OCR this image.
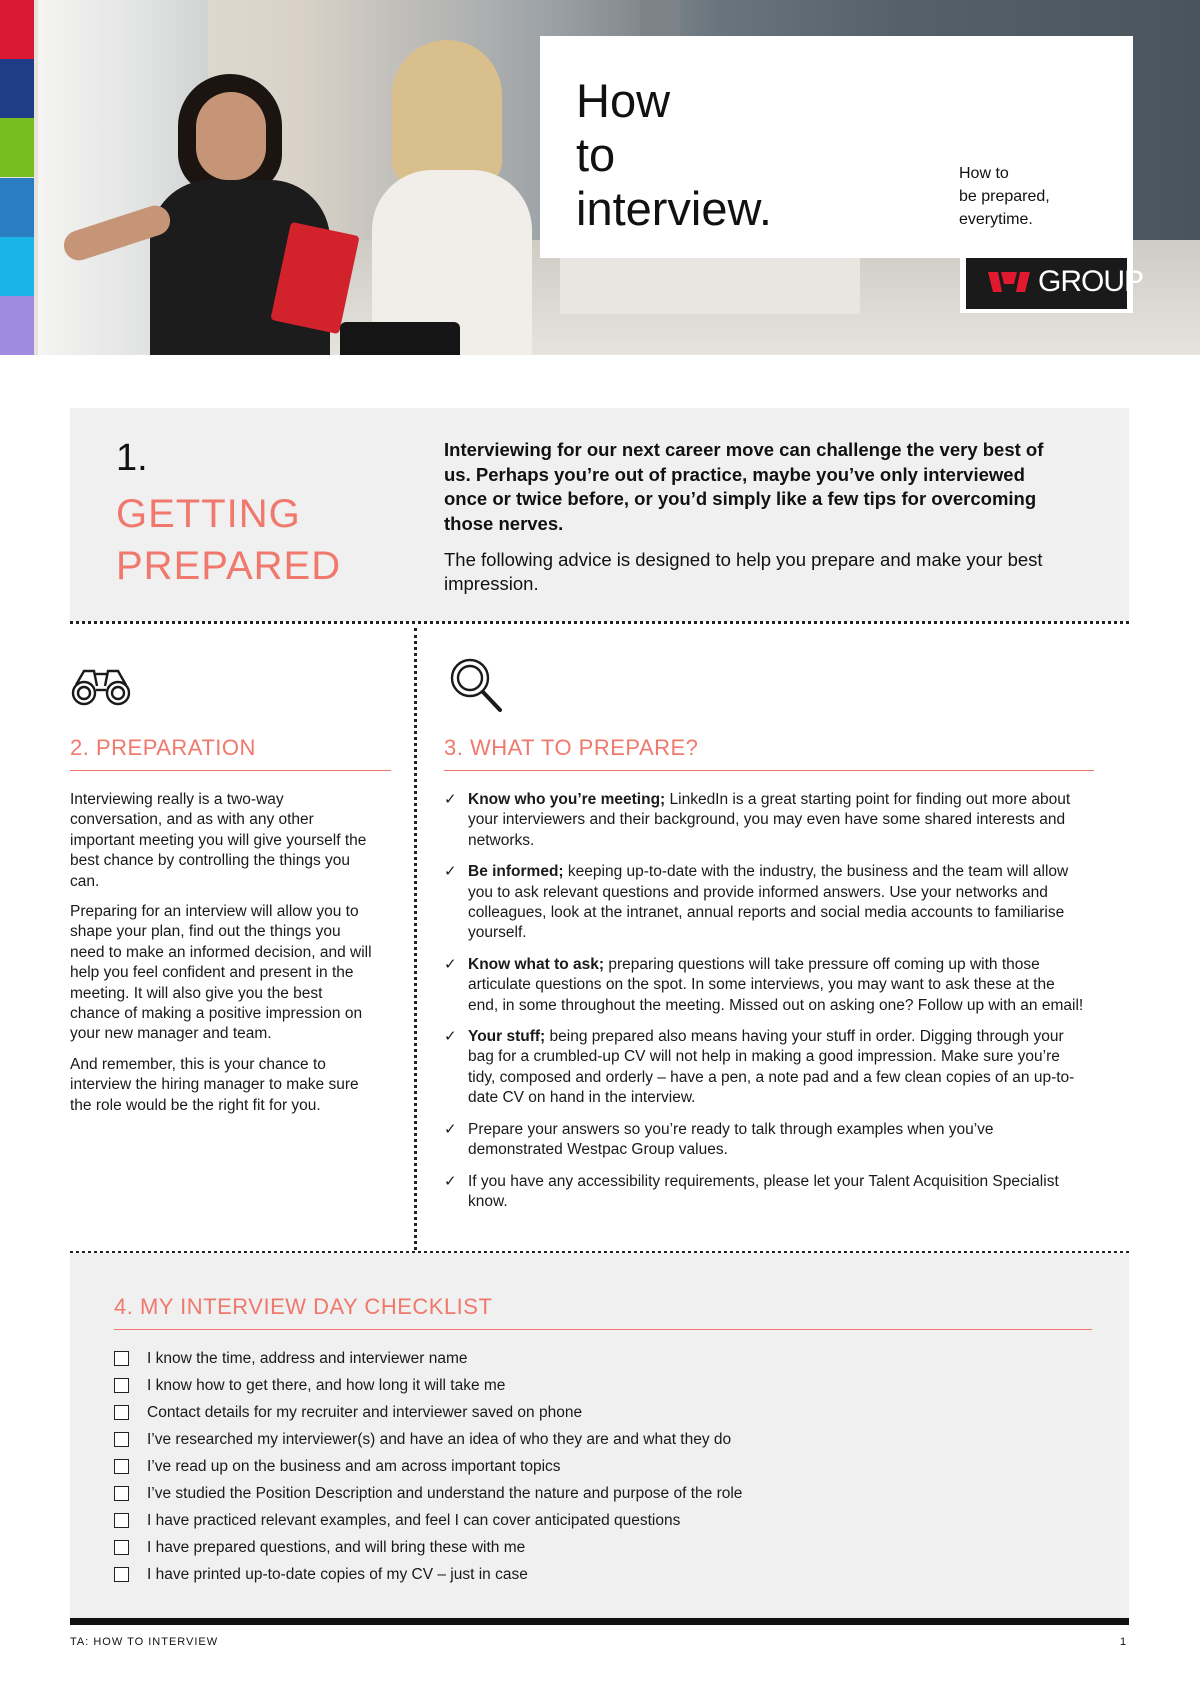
How
to
interview.
How to
be prepared,
everytime.
GROUP
1.
GETTING
PREPARED
Interviewing for our next career move can challenge the very best of us. Perhaps you’re out of practice, maybe you’ve only interviewed once or twice before, or you’d simply like a few tips for overcoming those nerves.
The following advice is designed to help you prepare and make your best impression.
2. PREPARATION

Interviewing really is a two-way conversation, and as with any other important meeting you will give yourself the best chance by controlling the things you can.

Preparing for an interview will allow you to shape your plan, find out the things you need to make an informed decision, and will help you feel confident and present in the meeting. It will also give you the best chance of making a positive impression on your new manager and team.

And remember, this is your chance to interview the hiring manager to make sure the role would be the right fit for you.

3. WHAT TO PREPARE?
✓ Know who you’re meeting; LinkedIn is a great starting point for finding out more about your interviewers and their background, you may even have some shared interests and networks.
✓ Be informed; keeping up-to-date with the industry, the business and the team will allow you to ask relevant questions and provide informed answers. Use your networks and colleagues, look at the intranet, annual reports and social media accounts to familiarise yourself.
✓ Know what to ask; preparing questions will take pressure off coming up with those articulate questions on the spot. In some interviews, you may want to ask these at the end, in some throughout the meeting. Missed out on asking one? Follow up with an email!
✓ Your stuff; being prepared also means having your stuff in order. Digging through your bag for a crumbled-up CV will not help in making a good impression. Make sure you’re tidy, composed and orderly – have a pen, a note pad and a few clean copies of an up-to-date CV on hand in the interview.
✓ Prepare your answers so you’re ready to talk through examples when you’ve demonstrated Westpac Group values.
✓ If you have any accessibility requirements, please let your Talent Acquisition Specialist know.
4. MY INTERVIEW DAY CHECKLIST
I know the time, address and interviewer name
I know how to get there, and how long it will take me
Contact details for my recruiter and interviewer saved on phone
I’ve researched my interviewer(s) and have an idea of who they are and what they do
I’ve read up on the business and am across important topics
I’ve studied the Position Description and understand the nature and purpose of the role
I have practiced relevant examples, and feel I can cover anticipated questions
I have prepared questions, and will bring these with me
I have printed up-to-date copies of my CV – just in case
TA: HOW TO INTERVIEW	1
